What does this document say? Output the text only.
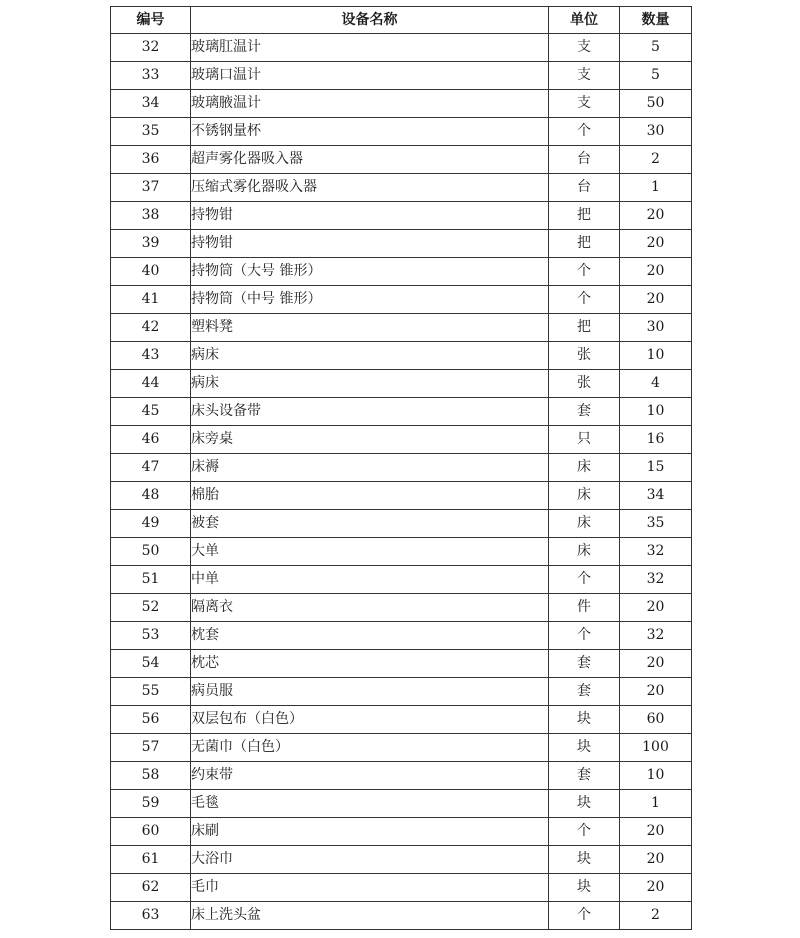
编号	设备名称	单位	数量
32	玻璃肛温计	支	5
33	玻璃口温计	支	5
34	玻璃腋温计	支	50
35	不锈钢量杯	个	30
36	超声雾化器吸入器	台	2
37	压缩式雾化器吸入器	台	1
38	持物钳	把	20
39	持物钳	把	20
40	持物筒（大号 锥形）	个	20
41	持物筒（中号 锥形）	个	20
42	塑料凳	把	30
43	病床	张	10
44	病床	张	4
45	床头设备带	套	10
46	床旁桌	只	16
47	床褥	床	15
48	棉胎	床	34
49	被套	床	35
50	大单	床	32
51	中单	个	32
52	隔离衣	件	20
53	枕套	个	32
54	枕芯	套	20
55	病员服	套	20
56	双层包布（白色）	块	60
57	无菌巾（白色）	块	100
58	约束带	套	10
59	毛毯	块	1
60	床刷	个	20
61	大浴巾	块	20
62	毛巾	块	20
63	床上洗头盆	个	2
